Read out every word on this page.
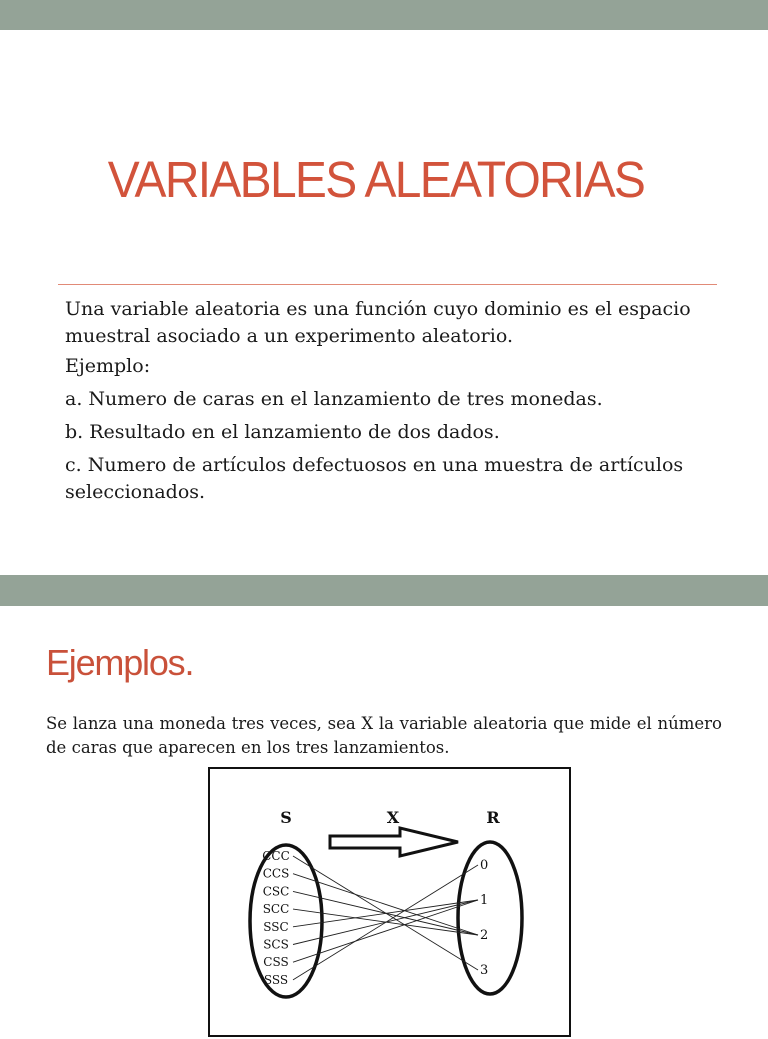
VARIABLES ALEATORIAS

Una variable aleatoria es una función cuyo dominio es el espacio muestral asociado a un experimento aleatorio.

Ejemplo:

a. Numero de caras en el lanzamiento de tres monedas.

b. Resultado en el lanzamiento de dos dados.

c. Numero de artículos defectuosos en una muestra de artículos seleccionados.

Ejemplos.
Se lanza una moneda tres veces, sea X la variable aleatoria que mide el número de caras que aparecen en los tres lanzamientos.
S	X	R
CCC
CCS
CSC
SCC
SSC
SCS
CSS
SSS
0
1
2
3
